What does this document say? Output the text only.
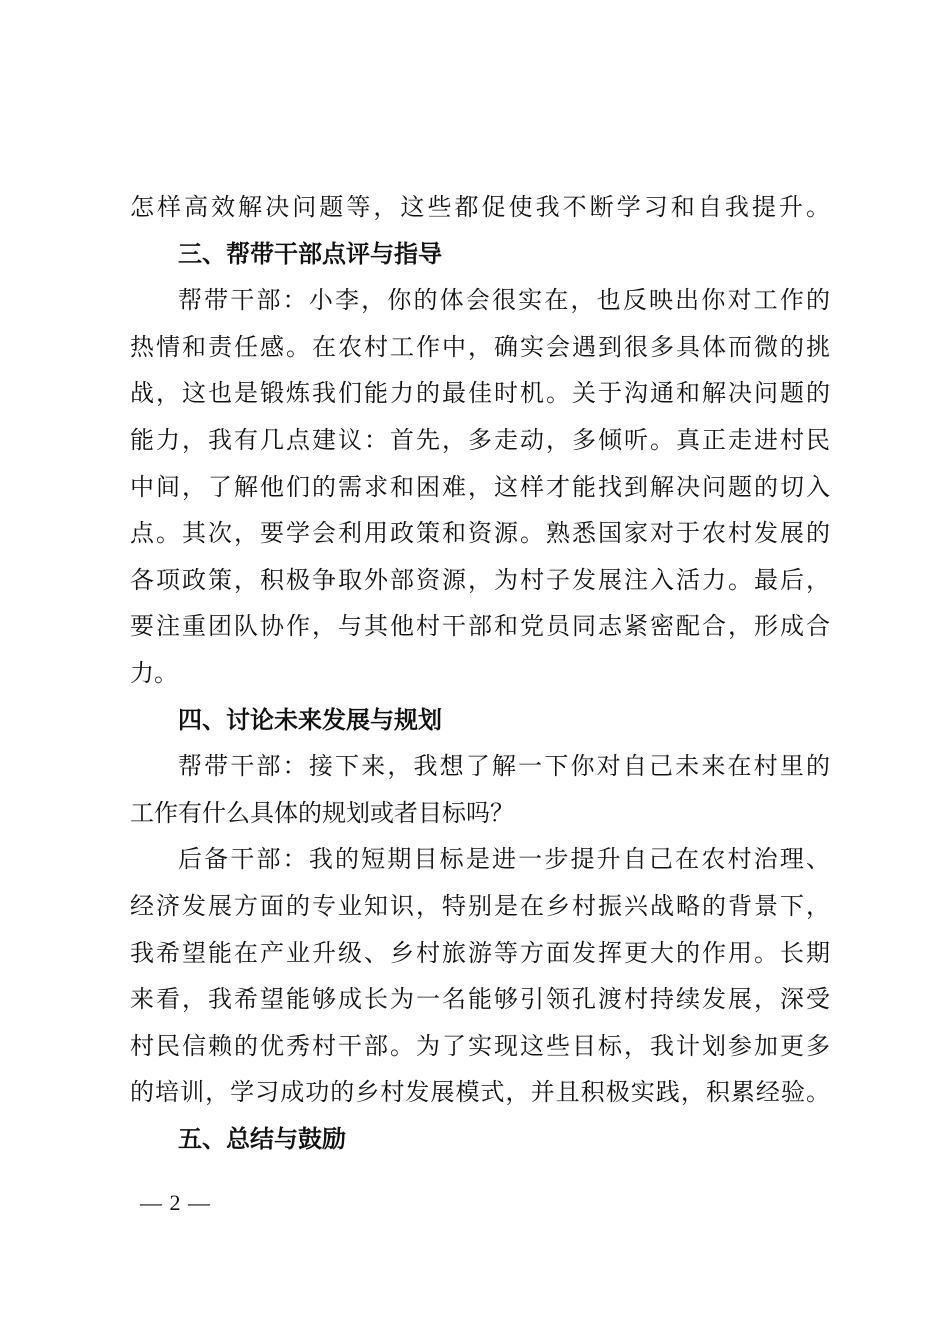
怎样高效解决问题等，这些都促使我不断学习和自我提升。
三、帮带干部点评与指导
帮带干部：小李，你的体会很实在，也反映出你对工作的
热情和责任感。在农村工作中，确实会遇到很多具体而微的挑
战，这也是锻炼我们能力的最佳时机。关于沟通和解决问题的
能力，我有几点建议：首先，多走动，多倾听。真正走进村民
中间，了解他们的需求和困难，这样才能找到解决问题的切入
点。其次，要学会利用政策和资源。熟悉国家对于农村发展的
各项政策，积极争取外部资源，为村子发展注入活力。最后，
要注重团队协作，与其他村干部和党员同志紧密配合，形成合
力。
四、讨论未来发展与规划
帮带干部：接下来，我想了解一下你对自己未来在村里的
工作有什么具体的规划或者目标吗？
后备干部：我的短期目标是进一步提升自己在农村治理、
经济发展方面的专业知识，特别是在乡村振兴战略的背景下，
我希望能在产业升级、乡村旅游等方面发挥更大的作用。长期
来看，我希望能够成长为一名能够引领孔渡村持续发展，深受
村民信赖的优秀村干部。为了实现这些目标，我计划参加更多
的培训，学习成功的乡村发展模式，并且积极实践，积累经验。
五、总结与鼓励
— 2 —
